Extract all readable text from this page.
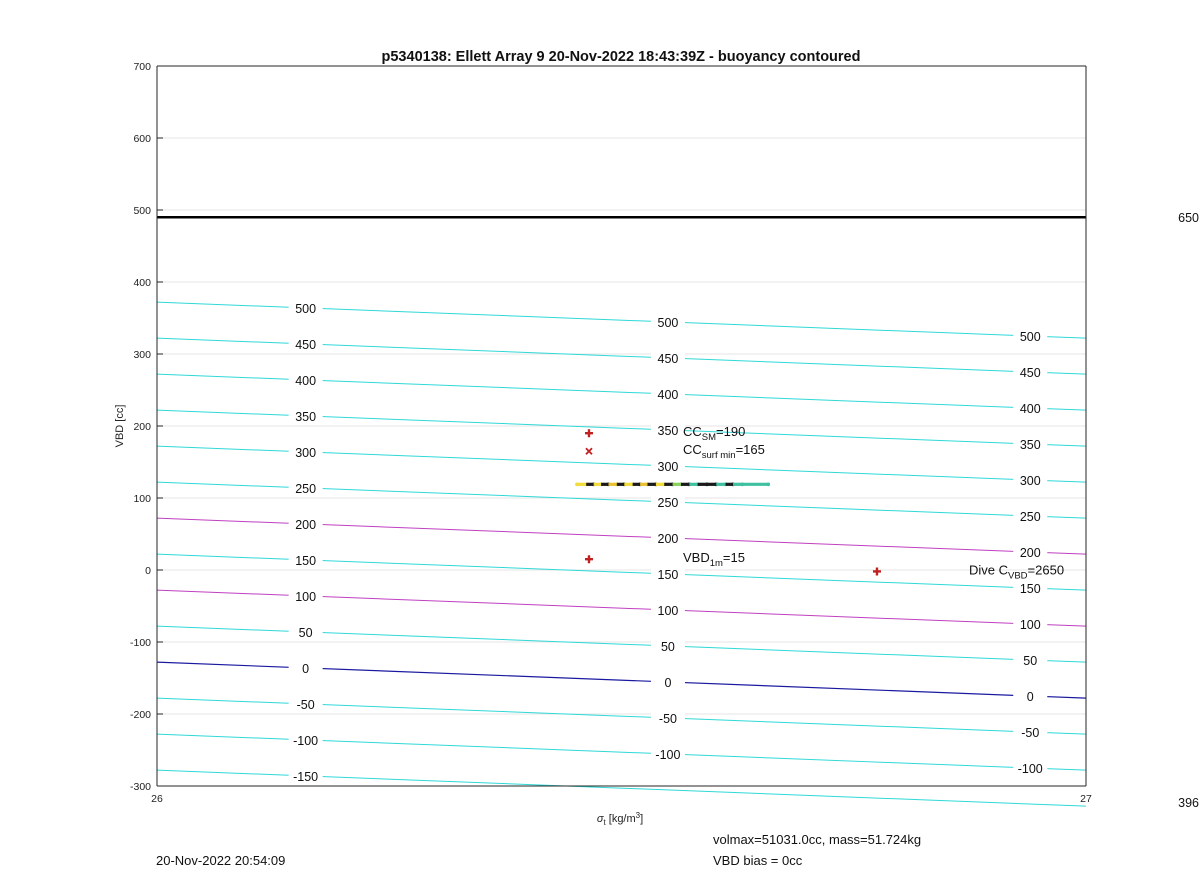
p5340138: Ellett Array 9 20-Nov-2022 18:43:39Z - buoyancy contoured
500
500
500
450
450
450
400
400
400
350
350
350
300
300
300
250
250
250
200
200
200
150
150
150
100
100
100
50
50
50
0
0
0
-50
-50
-50
-100
-100
-100
-150
$CC_{SM}=190$
$CC_{surf min}=165$
$VBD_{1m}=15$
Dive $C_{VBD}=2650$
-300
-200
-100
0
100
200
300
400
500
600
700
26	27
650
396
VBD [cc]
$\sigma_t$ $[kg/m^3]$
20-Nov-2022 20:54:09
volmax=51031.0cc, mass=51.724kg
VBD bias = 0cc
